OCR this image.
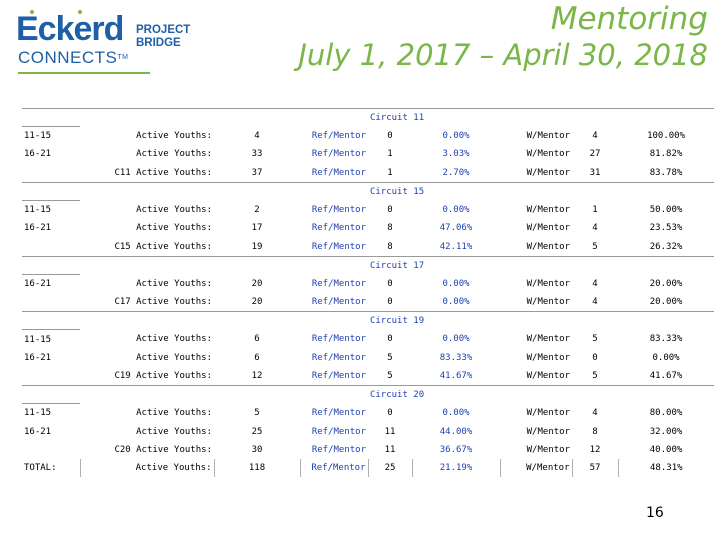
Eckerd
CONNECTSTM
PROJECT
BRIDGE
Mentoring
July 1, 2017 – April 30, 2018
	Circuit 11							
11-15	Active Youths:	4	Ref/Mentor	0	0.00%	W/Mentor	4	100.00%
16-21	Active Youths:	33	Ref/Mentor	1	3.03%	W/Mentor	27	81.82%
	C11 Active Youths:	37	Ref/Mentor	1	2.70%	W/Mentor	31	83.78%
	Circuit 15							
11-15	Active Youths:	2	Ref/Mentor	0	0.00%	W/Mentor	1	50.00%
16-21	Active Youths:	17	Ref/Mentor	8	47.06%	W/Mentor	4	23.53%
	C15 Active Youths:	19	Ref/Mentor	8	42.11%	W/Mentor	5	26.32%
	Circuit 17							
16-21	Active Youths:	20	Ref/Mentor	0	0.00%	W/Mentor	4	20.00%
	C17 Active Youths:	20	Ref/Mentor	0	0.00%	W/Mentor	4	20.00%
	Circuit 19							
11-15	Active Youths:	6	Ref/Mentor	0	0.00%	W/Mentor	5	83.33%
16-21	Active Youths:	6	Ref/Mentor	5	83.33%	W/Mentor	0	0.00%
	C19 Active Youths:	12	Ref/Mentor	5	41.67%	W/Mentor	5	41.67%
	Circuit 20							
11-15	Active Youths:	5	Ref/Mentor	0	0.00%	W/Mentor	4	80.00%
16-21	Active Youths:	25	Ref/Mentor	11	44.00%	W/Mentor	8	32.00%
	C20 Active Youths:	30	Ref/Mentor	11	36.67%	W/Mentor	12	40.00%
TOTAL:	Active Youths:	118	Ref/Mentor	25	21.19%	W/Mentor	57	48.31%
16
